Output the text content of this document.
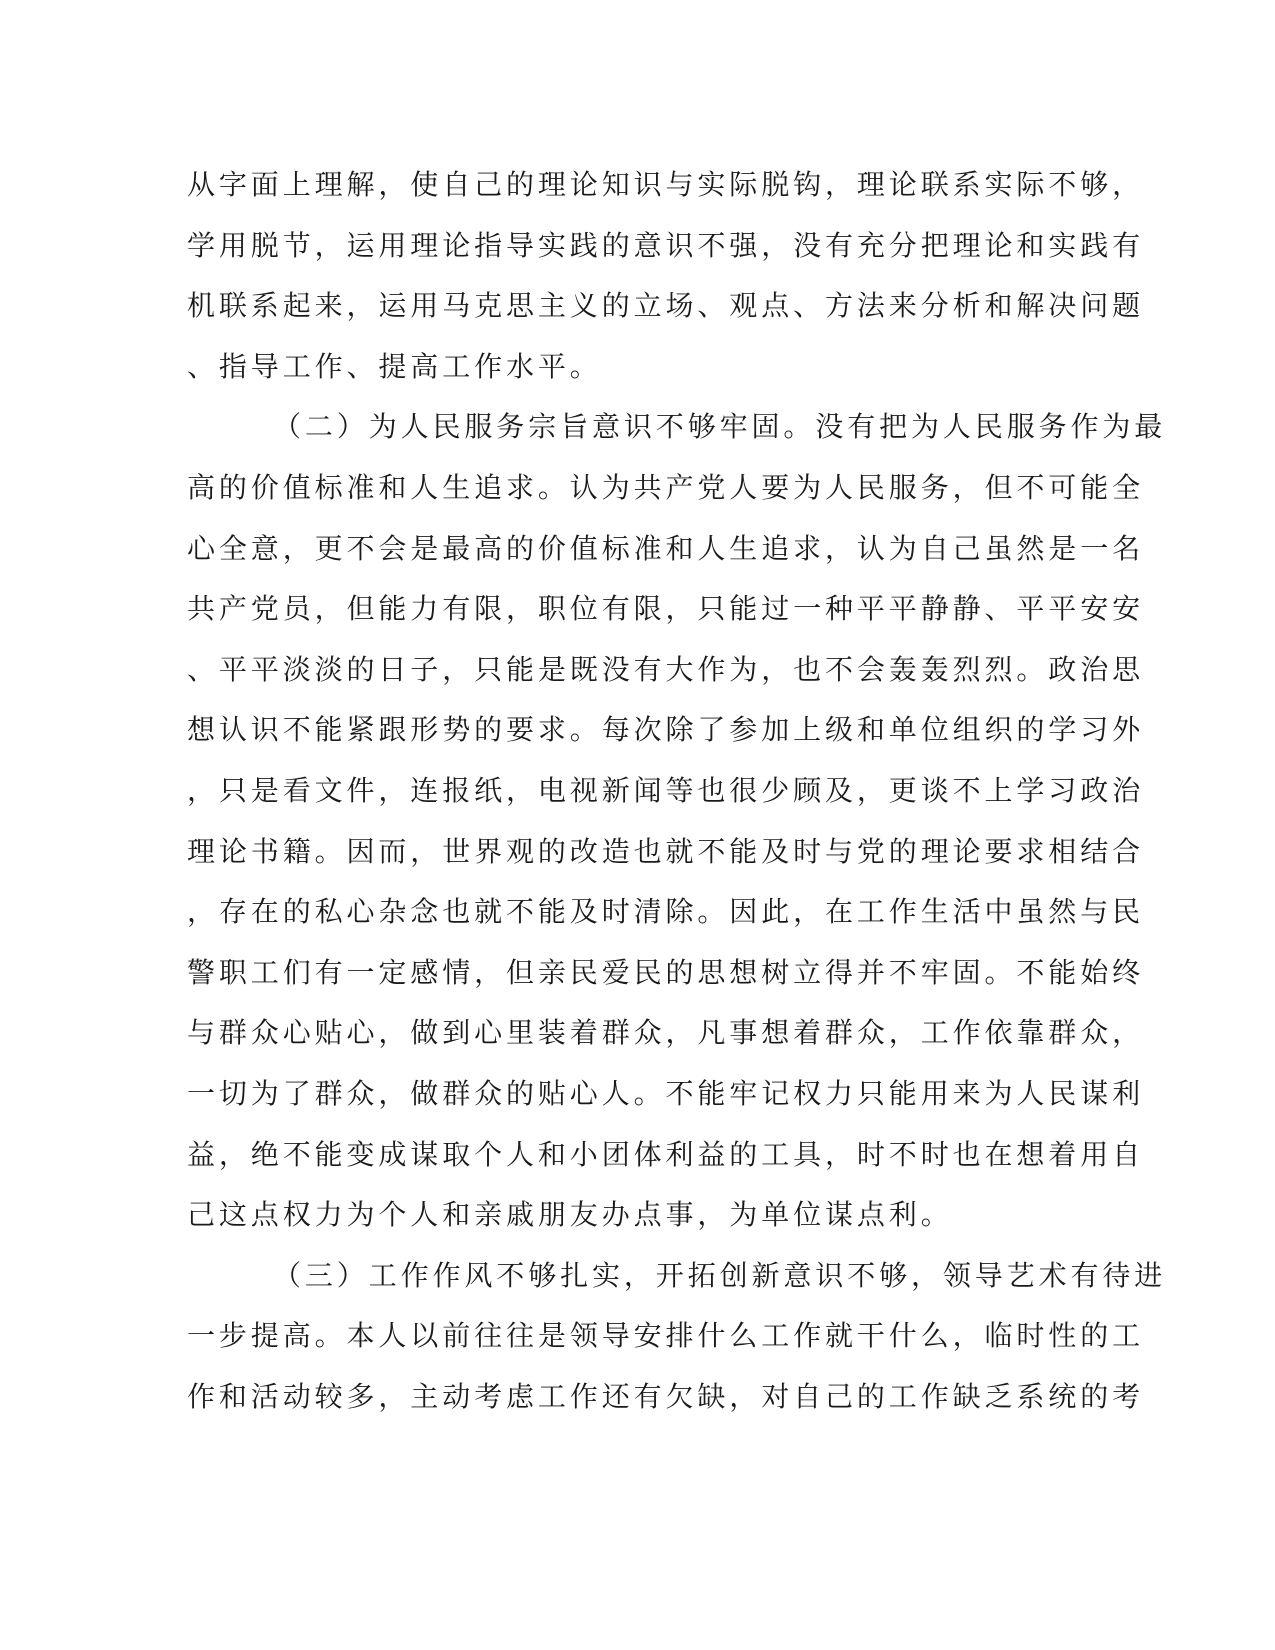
从字面上理解，使自己的理论知识与实际脱钩，理论联系实际不够，
学用脱节，运用理论指导实践的意识不强，没有充分把理论和实践有
机联系起来，运用马克思主义的立场、观点、方法来分析和解决问题
、指导工作、提高工作水平。
（二）为人民服务宗旨意识不够牢固。没有把为人民服务作为最
高的价值标准和人生追求。认为共产党人要为人民服务，但不可能全
心全意，更不会是最高的价值标准和人生追求，认为自己虽然是一名
共产党员，但能力有限，职位有限，只能过一种平平静静、平平安安
、平平淡淡的日子，只能是既没有大作为，也不会轰轰烈烈。政治思
想认识不能紧跟形势的要求。每次除了参加上级和单位组织的学习外
，只是看文件，连报纸，电视新闻等也很少顾及，更谈不上学习政治
理论书籍。因而，世界观的改造也就不能及时与党的理论要求相结合
，存在的私心杂念也就不能及时清除。因此，在工作生活中虽然与民
警职工们有一定感情，但亲民爱民的思想树立得并不牢固。不能始终
与群众心贴心，做到心里装着群众，凡事想着群众，工作依靠群众，
一切为了群众，做群众的贴心人。不能牢记权力只能用来为人民谋利
益，绝不能变成谋取个人和小团体利益的工具，时不时也在想着用自
己这点权力为个人和亲戚朋友办点事，为单位谋点利。
（三）工作作风不够扎实，开拓创新意识不够，领导艺术有待进
一步提高。本人以前往往是领导安排什么工作就干什么，临时性的工
作和活动较多，主动考虑工作还有欠缺，对自己的工作缺乏系统的考
